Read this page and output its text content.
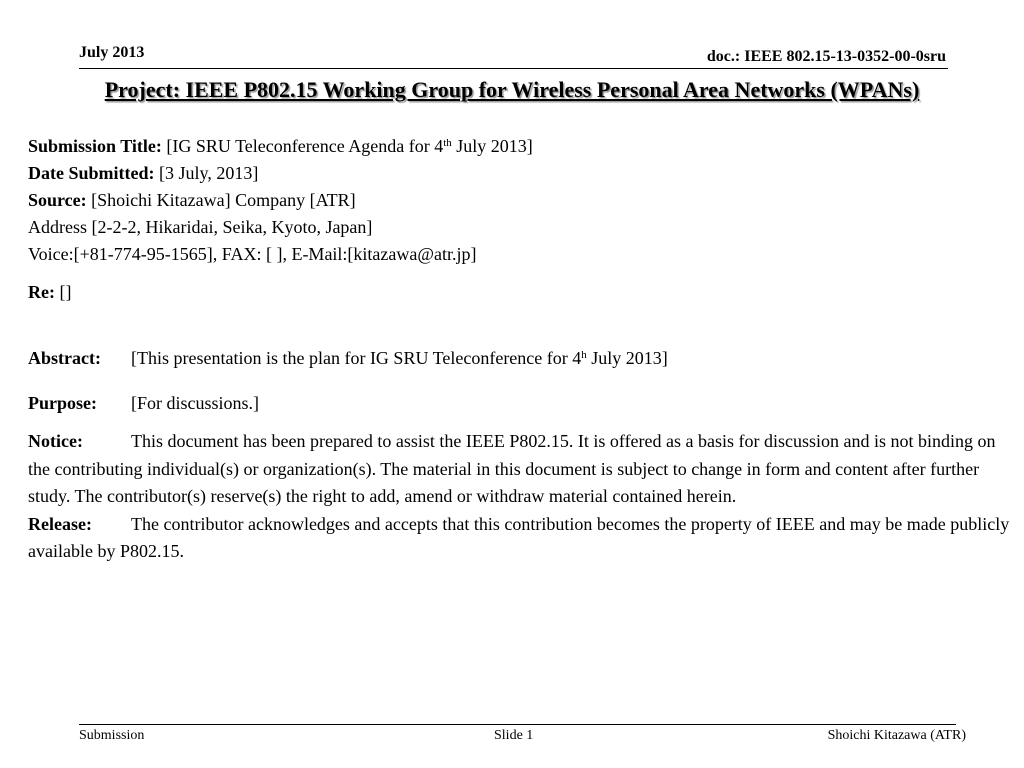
July 2013	doc.: IEEE 802.15-13-0352-00-0sru
Project: IEEE P802.15 Working Group for Wireless Personal Area Networks (WPANs)
Submission Title: [IG SRU Teleconference Agenda for 4th July 2013]
Date Submitted: [3 July, 2013]
Source: [Shoichi Kitazawa] Company [ATR]
Address [2-2-2, Hikaridai, Seika, Kyoto, Japan]
Voice:[+81-774-95-1565], FAX: [ ], E-Mail:[kitazawa@atr.jp]
Re: []
Abstract: [This presentation is the plan for IG SRU Teleconference for 4$^h$ July 2013]
Purpose: [For discussions.]
Notice:	This document has been prepared to assist the IEEE P802.15. It is offered as a basis for discussion and is not binding on the contributing individual(s) or organization(s). The material in this document is subject to change in form and content after further study. The contributor(s) reserve(s) the right to add, amend or withdraw material contained herein.
Release: The contributor acknowledges and accepts that this contribution becomes the property of IEEE and may be made publicly available by P802.15.
Submission	Slide 1	Shoichi Kitazawa (ATR)
